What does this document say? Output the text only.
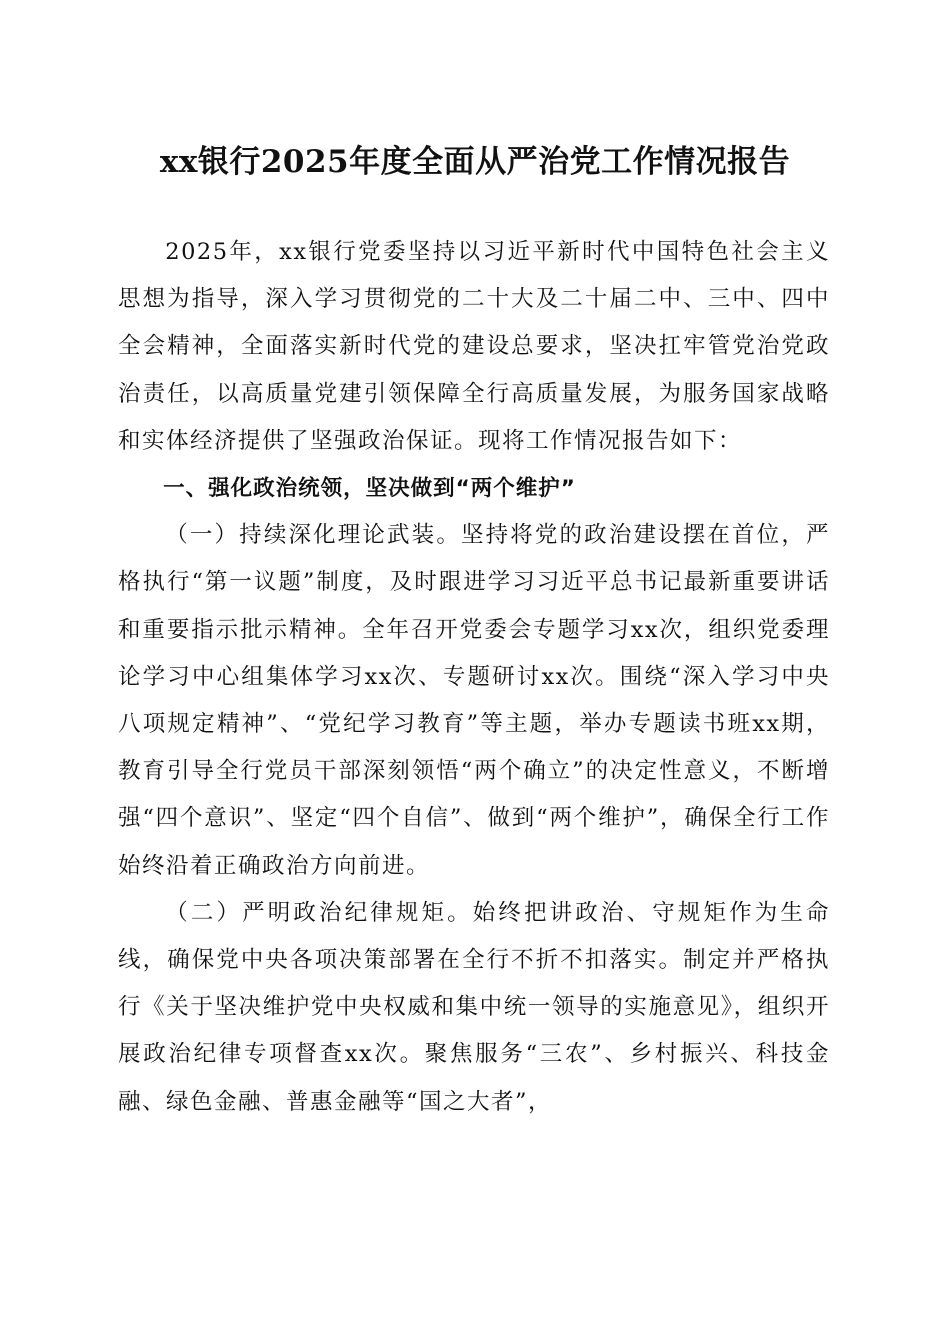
xx银行2025年度全面从严治党工作情况报告

2025年，xx银行党委坚持以习近平新时代中国特色社会主义思想为指导，深入学习贯彻党的二十大及二十届二中、三中、四中全会精神，全面落实新时代党的建设总要求，坚决扛牢管党治党政治责任，以高质量党建引领保障全行高质量发展，为服务国家战略和实体经济提供了坚强政治保证。现将工作情况报告如下：

一、强化政治统领，坚决做到“两个维护”

（一）持续深化理论武装。坚持将党的政治建设摆在首位，严格执行“第一议题”制度，及时跟进学习习近平总书记最新重要讲话和重要指示批示精神。全年召开党委会专题学习xx次，组织党委理论学习中心组集体学习xx次、专题研讨xx次。围绕“深入学习中央八项规定精神”、“党纪学习教育”等主题，举办专题读书班xx期，教育引导全行党员干部深刻领悟“两个确立”的决定性意义，不断增强“四个意识”、坚定“四个自信”、做到“两个维护”，确保全行工作始终沿着正确政治方向前进。

（二）严明政治纪律规矩。始终把讲政治、守规矩作为生命线，确保党中央各项决策部署在全行不折不扣落实。制定并严格执行《关于坚决维护党中央权威和集中统一领导的实施意见》，组织开展政治纪律专项督查xx次。聚焦服务“三农”、乡村振兴、科技金融、绿色金融、普惠金融等“国之大者”，
